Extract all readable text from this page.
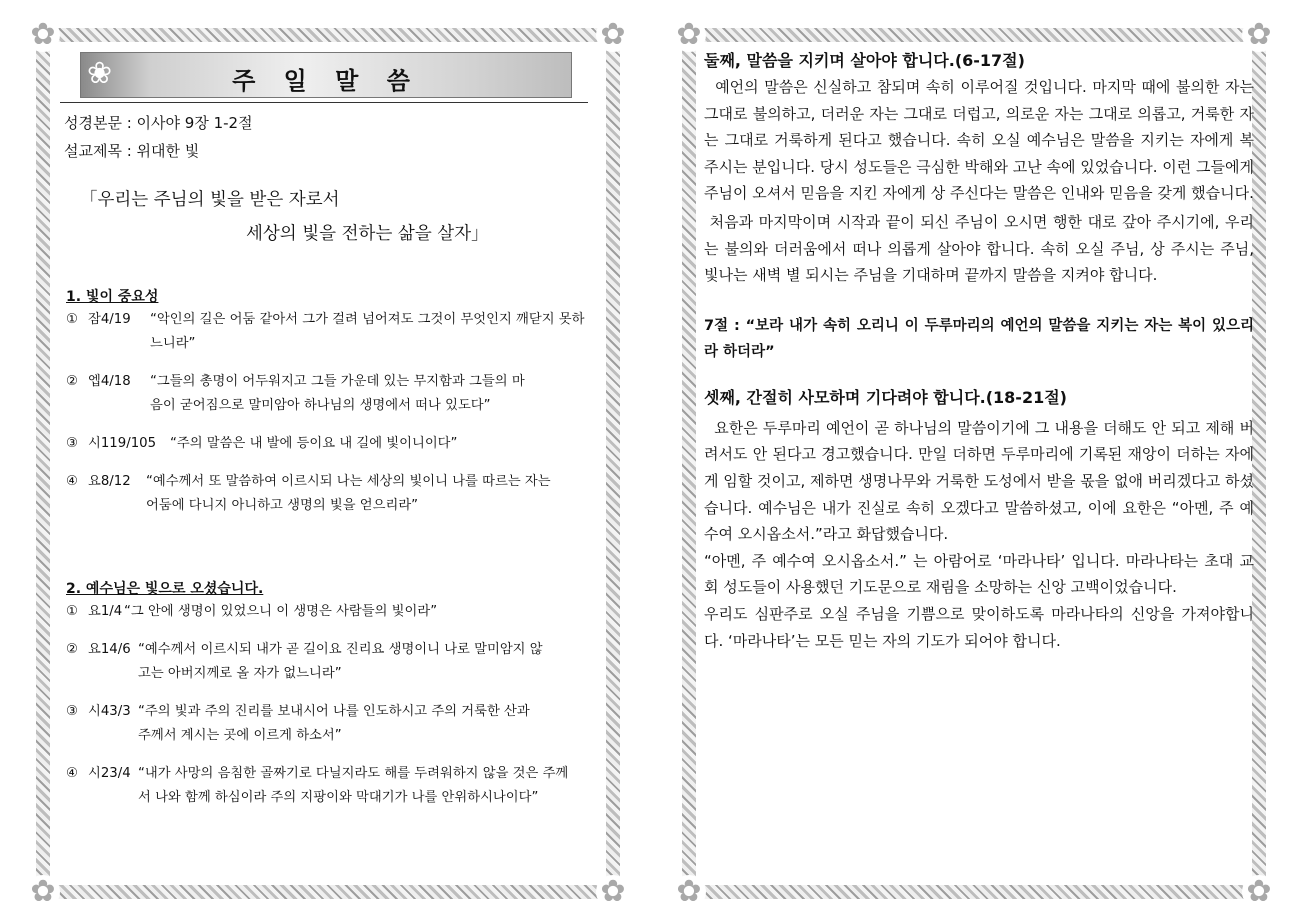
✿	✿
✿	✿
❀	주 일 말 씀
성경본문 : 이사야 9장 1-2절
설교제목 : 위대한 빛
「우리는 주님의 빛을 받은 자로서
세상의 빛을 전하는 삶을 살자」
1. 빛이 중요성
① 잠4/19	“악인의 길은 어둠 같아서 그가 걸려 넘어져도 그것이 무엇인지 깨닫지 못하느니라”
② 엡4/18	“그들의 총명이 어두워지고 그들 가운데 있는 무지함과 그들의 마음이 굳어짐으로 말미암아 하나님의 생명에서 떠나 있도다”
③ 시119/105	“주의 말씀은 내 발에 등이요 내 길에 빛이니이다”
④ 요8/12	“예수께서 또 말씀하여 이르시되 나는 세상의 빛이니 나를 따르는 자는 어둠에 다니지 아니하고 생명의 빛을 얻으리라”
2. 예수님은 빛으로 오셨습니다.
① 요1/4 “그 안에 생명이 있었으니 이 생명은 사람들의 빛이라”
② 요14/6 “예수께서 이르시되 내가 곧 길이요 진리요 생명이니 나로 말미암지 않고는 아버지께로 올 자가 없느니라”
③ 시43/3 “주의 빛과 주의 진리를 보내시어 나를 인도하시고 주의 거룩한 산과 주께서 계시는 곳에 이르게 하소서”
④ 시23/4 “내가 사망의 음침한 골짜기로 다닐지라도 해를 두려워하지 않을 것은 주께서 나와 함께 하심이라 주의 지팡이와 막대기가 나를 안위하시나이다”
✿	✿
✿	✿
둘째, 말씀을 지키며 살아야 합니다.(6-17절)

예언의 말씀은 신실하고 참되며 속히 이루어질 것입니다. 마지막 때에 불의한 자는 그대로 불의하고, 더러운 자는 그대로 더럽고, 의로운 자는 그대로 의롭고, 거룩한 자는 그대로 거룩하게 된다고 했습니다. 속히 오실 예수님은 말씀을 지키는 자에게 복 주시는 분입니다. 당시 성도들은 극심한 박해와 고난 속에 있었습니다. 이런 그들에게 주님이 오셔서 믿음을 지킨 자에게 상 주신다는 말씀은 인내와 믿음을 갖게 했습니다.

처음과 마지막이며 시작과 끝이 되신 주님이 오시면 행한 대로 갚아 주시기에, 우리는 불의와 더러움에서 떠나 의롭게 살아야 합니다. 속히 오실 주님, 상 주시는 주님, 빛나는 새벽 별 되시는 주님을 기대하며 끝까지 말씀을 지켜야 합니다.

7절 : “보라 내가 속히 오리니 이 두루마리의 예언의 말씀을 지키는 자는 복이 있으리라 하더라”
셋째, 간절히 사모하며 기다려야 합니다.(18-21절)

요한은 두루마리 예언이 곧 하나님의 말씀이기에 그 내용을 더해도 안 되고 제해 버려서도 안 된다고 경고했습니다. 만일 더하면 두루마리에 기록된 재앙이 더하는 자에게 임할 것이고, 제하면 생명나무와 거룩한 도성에서 받을 몫을 없애 버리겠다고 하셨습니다. 예수님은 내가 진실로 속히 오겠다고 말씀하셨고, 이에 요한은 “아멘, 주 예수여 오시옵소서.”라고 화답했습니다.

“아멘, 주 예수여 오시옵소서.” 는 아람어로 ‘마라나타’ 입니다. 마라나타는 초대 교회 성도들이 사용했던 기도문으로 재림을 소망하는 신앙 고백이었습니다.

우리도 심판주로 오실 주님을 기쁨으로 맞이하도록 마라나타의 신앙을 가져야합니다. ‘마라나타’는 모든 믿는 자의 기도가 되어야 합니다.
